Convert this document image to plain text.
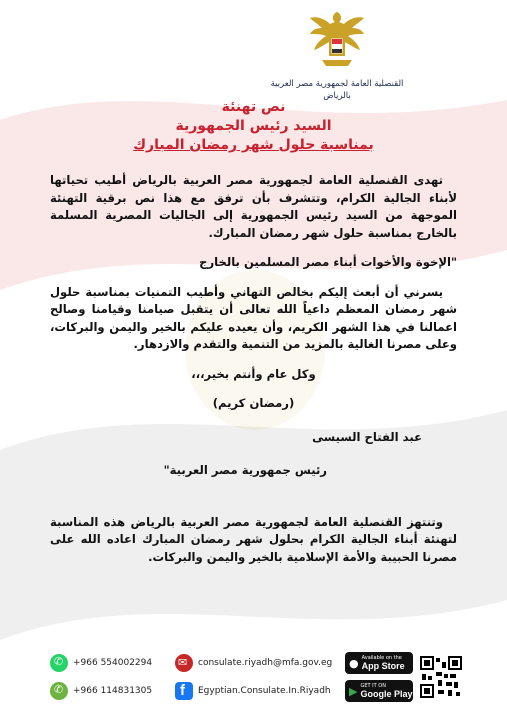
القنصلية العامة لجمهورية مصر العربية
بالرياض
نص تهنئة
السيد رئيس الجمهورية
بمناسبة حلول شهر رمضان المبارك
تهدى القنصلية العامة لجمهورية مصر العربية بالرياض أطيب تحياتها لأبناء الجالية الكرام، وتتشرف بأن ترفق مع هذا نص برقية التهنئة الموجهة من السيد رئيس الجمهورية إلى الجاليات المصرية المسلمة بالخارج بمناسبة حلول شهر رمضان المبارك.
"الإخوة والأخوات أبناء مصر المسلمين بالخارج
يسرني أن أبعث إليكم بخالص التهاني وأطيب التمنيات بمناسبة حلول شهر رمضان المعظم داعياً الله تعالى أن يتقبل صيامنا وقيامنا وصالح اعمالنا في هذا الشهر الكريم، وأن يعيده عليكم بالخير واليمن والبركات، وعلى مصرنا الغالية بالمزيد من التنمية والتقدم والازدهار.
وكل عام وأنتم بخير،،،
(رمضان كريم)
عبد الفتاح السيسى
رئيس جمهورية مصر العربية"
وتنتهز القنصلية العامة لجمهورية مصر العربية بالرياض هذه المناسبة لتهنئة أبناء الجالية الكرام بحلول شهر رمضان المبارك اعاده الله على مصرنا الحبيبة والأمة الإسلامية بالخير واليمن والبركات.
✆
+966 554002294
✆
+966 114831305
✉
consulate.riyadh@mfa.gov.eg
f
Egyptian.Consulate.In.Riyadh
● Available on the
App Store
▶ GET IT ON
Google Play
